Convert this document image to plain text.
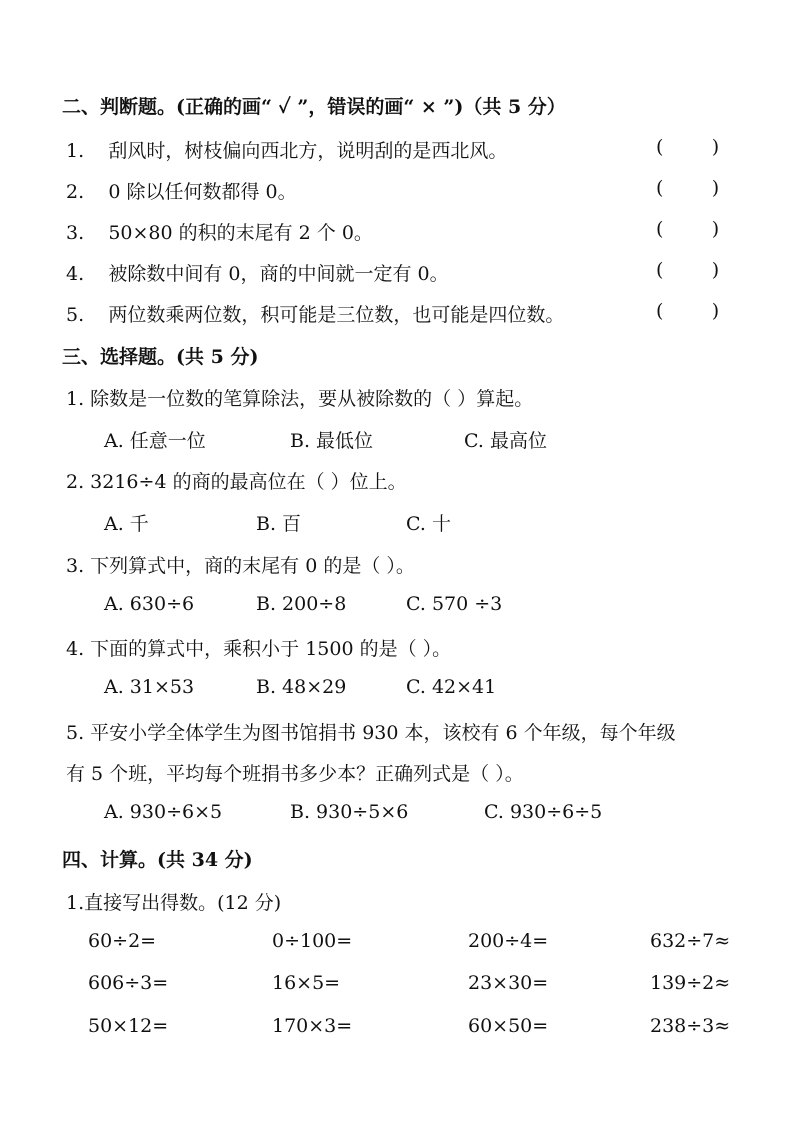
二、判断题。(正确的画“ ✓ ”，错误的画“ × ”)（共 5 分）
1. 刮风时，树枝偏向西北方，说明刮的是西北风。	(        )
2. 0 除以任何数都得 0。	(        )
3. 50×80 的积的末尾有 2 个 0。	(        )
4. 被除数中间有 0，商的中间就一定有 0。	(        )
5. 两位数乘两位数，积可能是三位数，也可能是四位数。	(        )
三、选择题。(共 5 分)
1. 除数是一位数的笔算除法，要从被除数的（ ）算起。
A. 任意一位	B. 最低位	C. 最高位
2. 3216÷4 的商的最高位在（ ）位上。
A. 千	B. 百	C. 十
3. 下列算式中，商的末尾有 0 的是（ ）。
A. 630÷6	B. 200÷8	C. 570 ÷3
4. 下面的算式中，乘积小于 1500 的是（ ）。
A. 31×53	B. 48×29	C. 42×41
5. 平安小学全体学生为图书馆捐书 930 本，该校有 6 个年级，每个年级
有 5 个班，平均每个班捐书多少本？正确列式是（ ）。
A. 930÷6×5	B. 930÷5×6	C. 930÷6÷5
四、计算。(共 34 分)
1.直接写出得数。(12 分)
60÷2=	0÷100=	200÷4=	632÷7≈
606÷3=	16×5=	23×30=	139÷2≈
50×12=	170×3=	60×50=	238÷3≈
